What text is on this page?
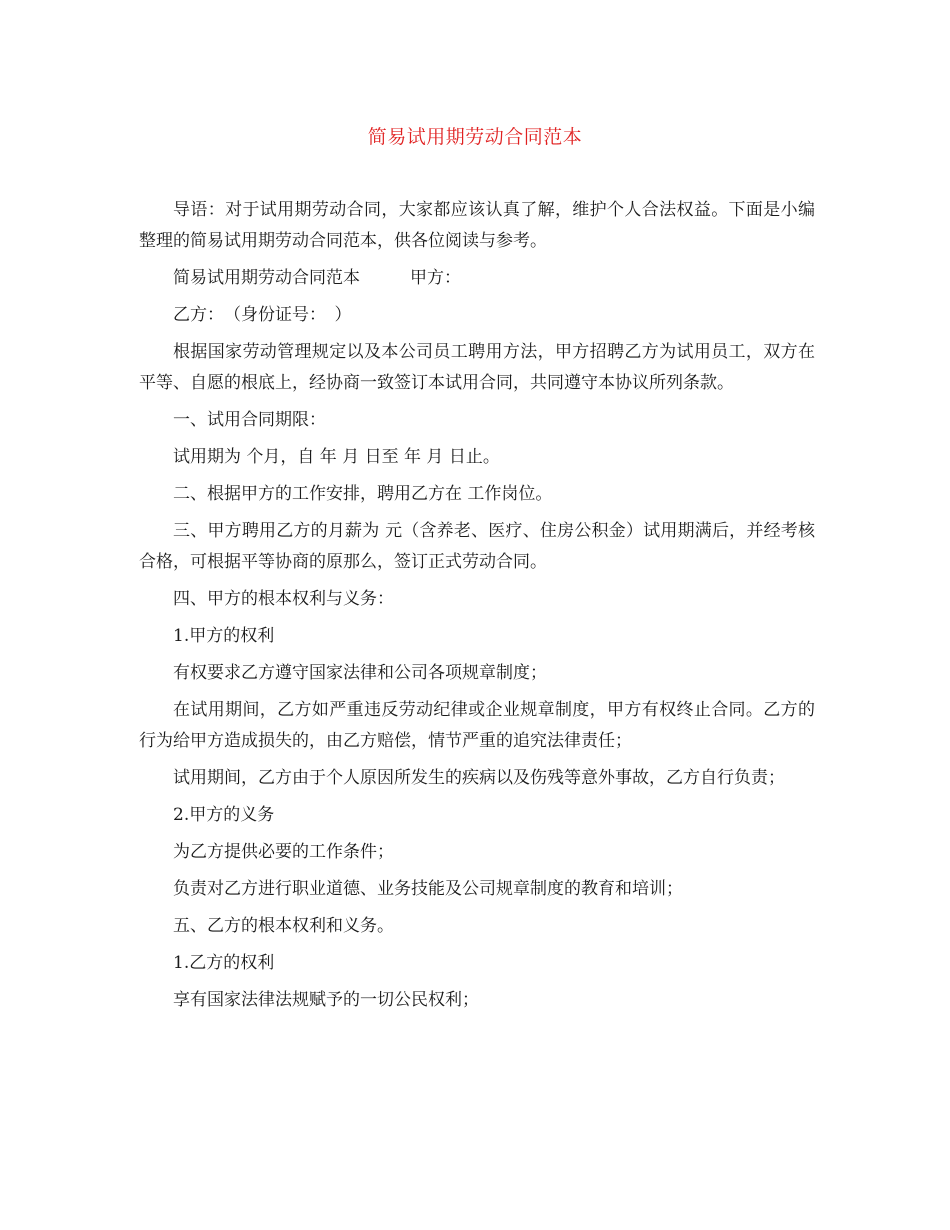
简易试用期劳动合同范本

导语：对于试用期劳动合同，大家都应该认真了解，维护个人合法权益。下面是小编整理的简易试用期劳动合同范本，供各位阅读与参考。

简易试用期劳动合同范本	甲方：

乙方：　（身份证号：　）

根据国家劳动管理规定以及本公司员工聘用方法，甲方招聘乙方为试用员工，双方在平等、自愿的根底上，经协商一致签订本试用合同，共同遵守本协议所列条款。

一、试用合同期限：

试用期为 个月，自 年 月 日至 年 月 日止。

二、根据甲方的工作安排，聘用乙方在 工作岗位。

三、甲方聘用乙方的月薪为 元（含养老、医疗、住房公积金）试用期满后，并经考核合格，可根据平等协商的原那么，签订正式劳动合同。

四、甲方的根本权利与义务：

1.甲方的权利

有权要求乙方遵守国家法律和公司各项规章制度；

在试用期间，乙方如严重违反劳动纪律或企业规章制度，甲方有权终止合同。乙方的行为给甲方造成损失的，由乙方赔偿，情节严重的追究法律责任；

试用期间，乙方由于个人原因所发生的疾病以及伤残等意外事故，乙方自行负责；

2.甲方的义务

为乙方提供必要的工作条件；

负责对乙方进行职业道德、业务技能及公司规章制度的教育和培训；

五、乙方的根本权利和义务。

1.乙方的权利

享有国家法律法规赋予的一切公民权利；
